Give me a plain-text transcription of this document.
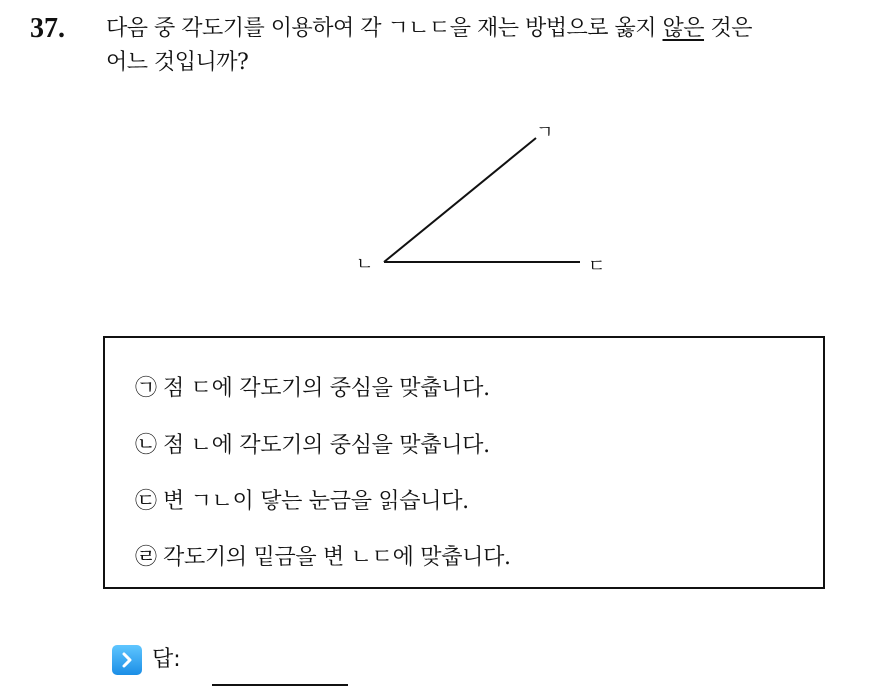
37. 다음 중 각도기를 이용하여 각 ㄱㄴㄷ을 재는 방법으로 옳지 않은 것은
어느 것입니까?
ㄱ
ㄴ	ㄷ
㉠ 점 ㄷ에 각도기의 중심을 맞춥니다.
㉡ 점 ㄴ에 각도기의 중심을 맞춥니다.
㉢ 변 ㄱㄴ이 닿는 눈금을 읽습니다.
㉣ 각도기의 밑금을 변 ㄴㄷ에 맞춥니다.
답:
